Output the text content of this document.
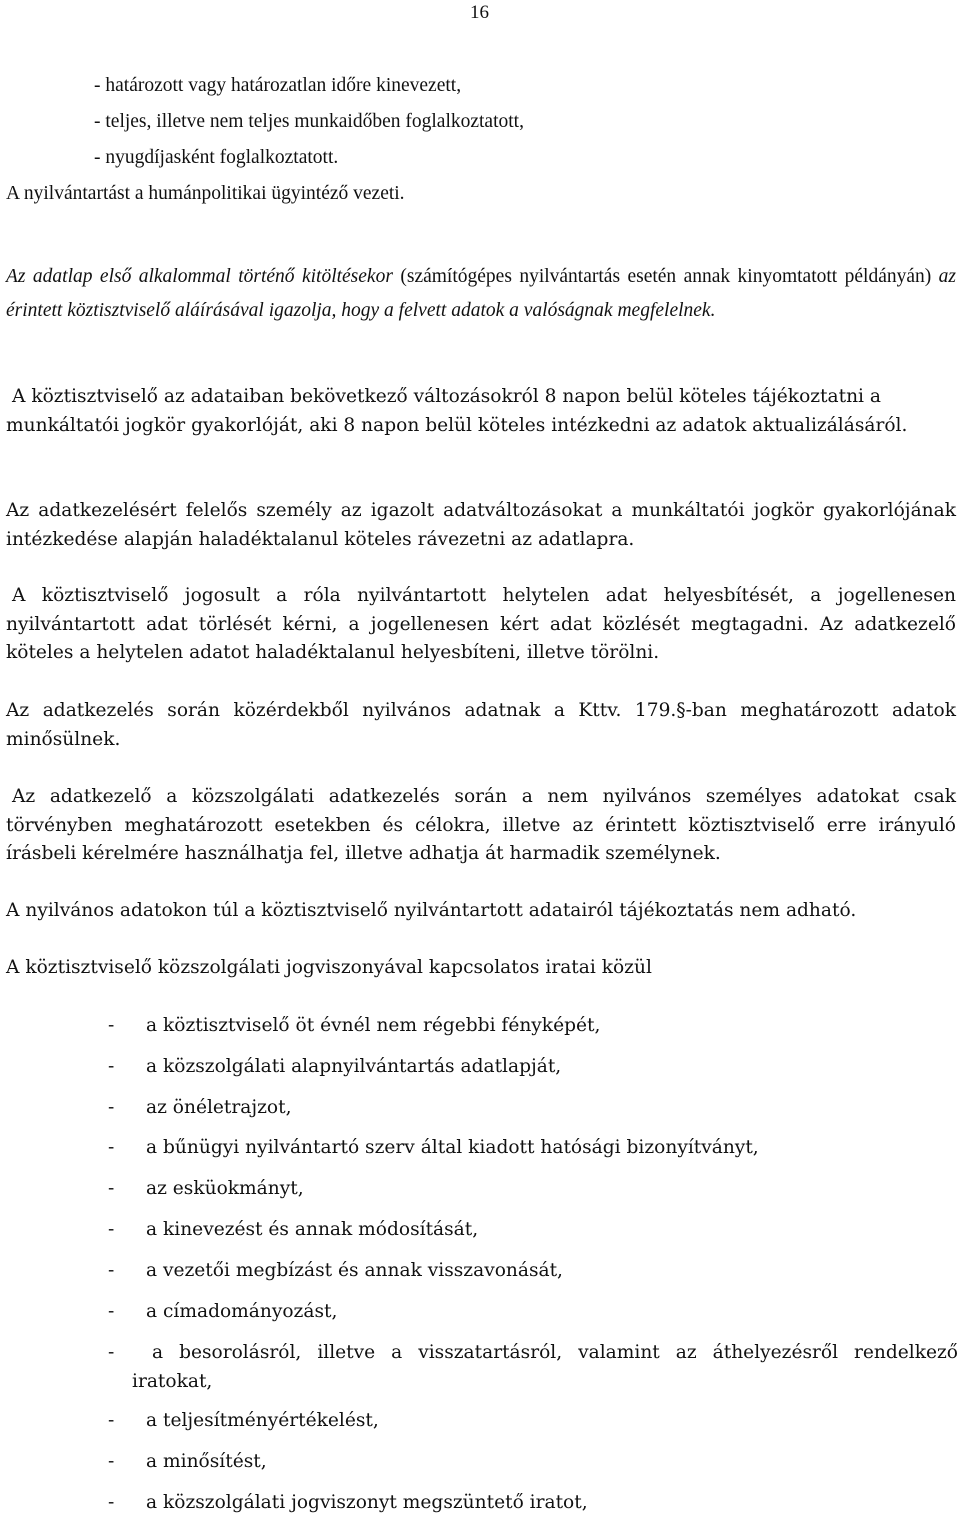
16
- határozott vagy határozatlan időre kinevezett,
- teljes, illetve nem teljes munkaidőben foglalkoztatott,
- nyugdíjasként foglalkoztatott.

A nyilvántartást a humánpolitikai ügyintéző vezeti.

Az adatlap első alkalommal történő kitöltésekor (számítógépes nyilvántartás esetén annak kinyomtatott példányán) az érintett köztisztviselő aláírásával igazolja, hogy a felvett adatok a valóságnak megfelelnek.

A köztisztviselő az adataiban bekövetkező változásokról 8 napon belül köteles tájékoztatni a munkáltatói jogkör gyakorlóját, aki 8 napon belül köteles intézkedni az adatok aktualizálásáról.

Az adatkezelésért felelős személy az igazolt adatváltozásokat a munkáltatói jogkör gyakorlójának intézkedése alapján haladéktalanul köteles rávezetni az adatlapra.

A köztisztviselő jogosult a róla nyilvántartott helytelen adat helyesbítését, a jogellenesen nyilvántartott adat törlését kérni, a jogellenesen kért adat közlését megtagadni. Az adatkezelő köteles a helytelen adatot haladéktalanul helyesbíteni, illetve törölni.

Az adatkezelés során közérdekből nyilvános adatnak a Kttv. 179.§-ban meghatározott adatok minősülnek.

Az adatkezelő a közszolgálati adatkezelés során a nem nyilvános személyes adatokat csak törvényben meghatározott esetekben és célokra, illetve az érintett köztisztviselő erre irányuló írásbeli kérelmére használhatja fel, illetve adhatja át harmadik személynek.

A nyilvános adatokon túl a köztisztviselő nyilvántartott adatairól tájékoztatás nem adható.

A köztisztviselő közszolgálati jogviszonyával kapcsolatos iratai közül

- a köztisztviselő öt évnél nem régebbi fényképét,
- a közszolgálati alapnyilvántartás adatlapját,
- az önéletrajzot,
- a bűnügyi nyilvántartó szerv által kiadott hatósági bizonyítványt,
- az esküokmányt,
- a kinevezést és annak módosítását,
- a vezetői megbízást és annak visszavonását,
- a címadományozást,
- a besorolásról, illetve a visszatartásról, valamint az áthelyezésről rendelkező
iratokat,
- a teljesítményértékelést,
- a minősítést,
- a közszolgálati jogviszonyt megszüntető iratot,
